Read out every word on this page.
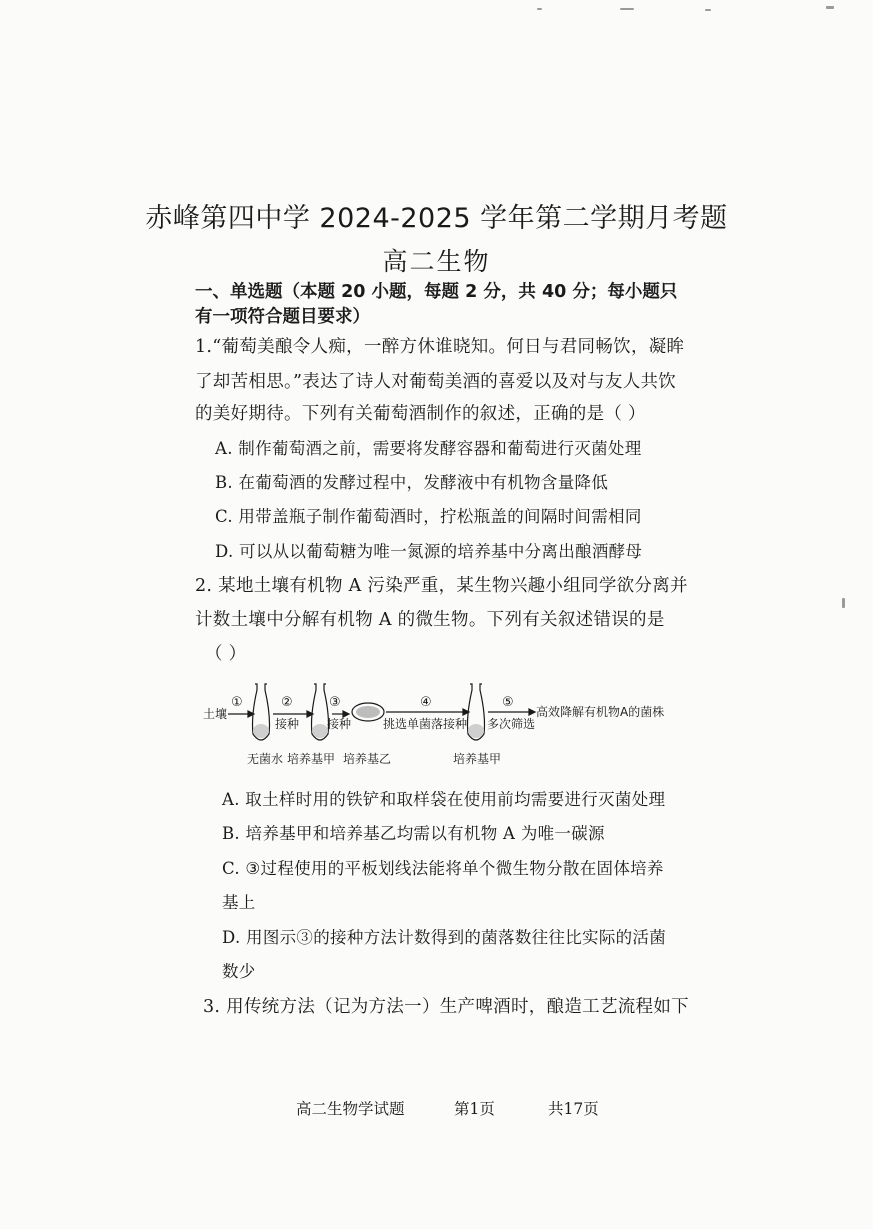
赤峰第四中学 2024-2025 学年第二学期月考题
高二生物
一、单选题（本题 20 小题，每题 2 分，共 40 分；每小题只有一项符合题目要求）
1.“葡萄美酿令人痴，一醉方休谁晓知。何日与君同畅饮，凝眸
了却苦相思。”表达了诗人对葡萄美酒的喜爱以及对与友人共饮
的美好期待。下列有关葡萄酒制作的叙述，正确的是（ ）
A. 制作葡萄酒之前，需要将发酵容器和葡萄进行灭菌处理
B. 在葡萄酒的发酵过程中，发酵液中有机物含量降低
C. 用带盖瓶子制作葡萄酒时，拧松瓶盖的间隔时间需相同
D. 可以从以葡萄糖为唯一氮源的培养基中分离出酿酒酵母
2. 某地土壤有机物 A 污染严重，某生物兴趣小组同学欲分离并
计数土壤中分解有机物 A 的微生物。下列有关叙述错误的是
（ ）
土壤
①	②
接种
③
接种
④
挑选单菌落接种
⑤
多次筛选
高效降解有机物A的菌株
无菌水 培养基甲 培养基乙	培养基甲
A. 取土样时用的铁铲和取样袋在使用前均需要进行灭菌处理
B. 培养基甲和培养基乙均需以有机物 A 为唯一碳源
C. ③过程使用的平板划线法能将单个微生物分散在固体培养
基上
D. 用图示③的接种方法计数得到的菌落数往往比实际的活菌
数少
3. 用传统方法（记为方法一）生产啤酒时，酿造工艺流程如下
高二生物学试题	第1页	共17页
